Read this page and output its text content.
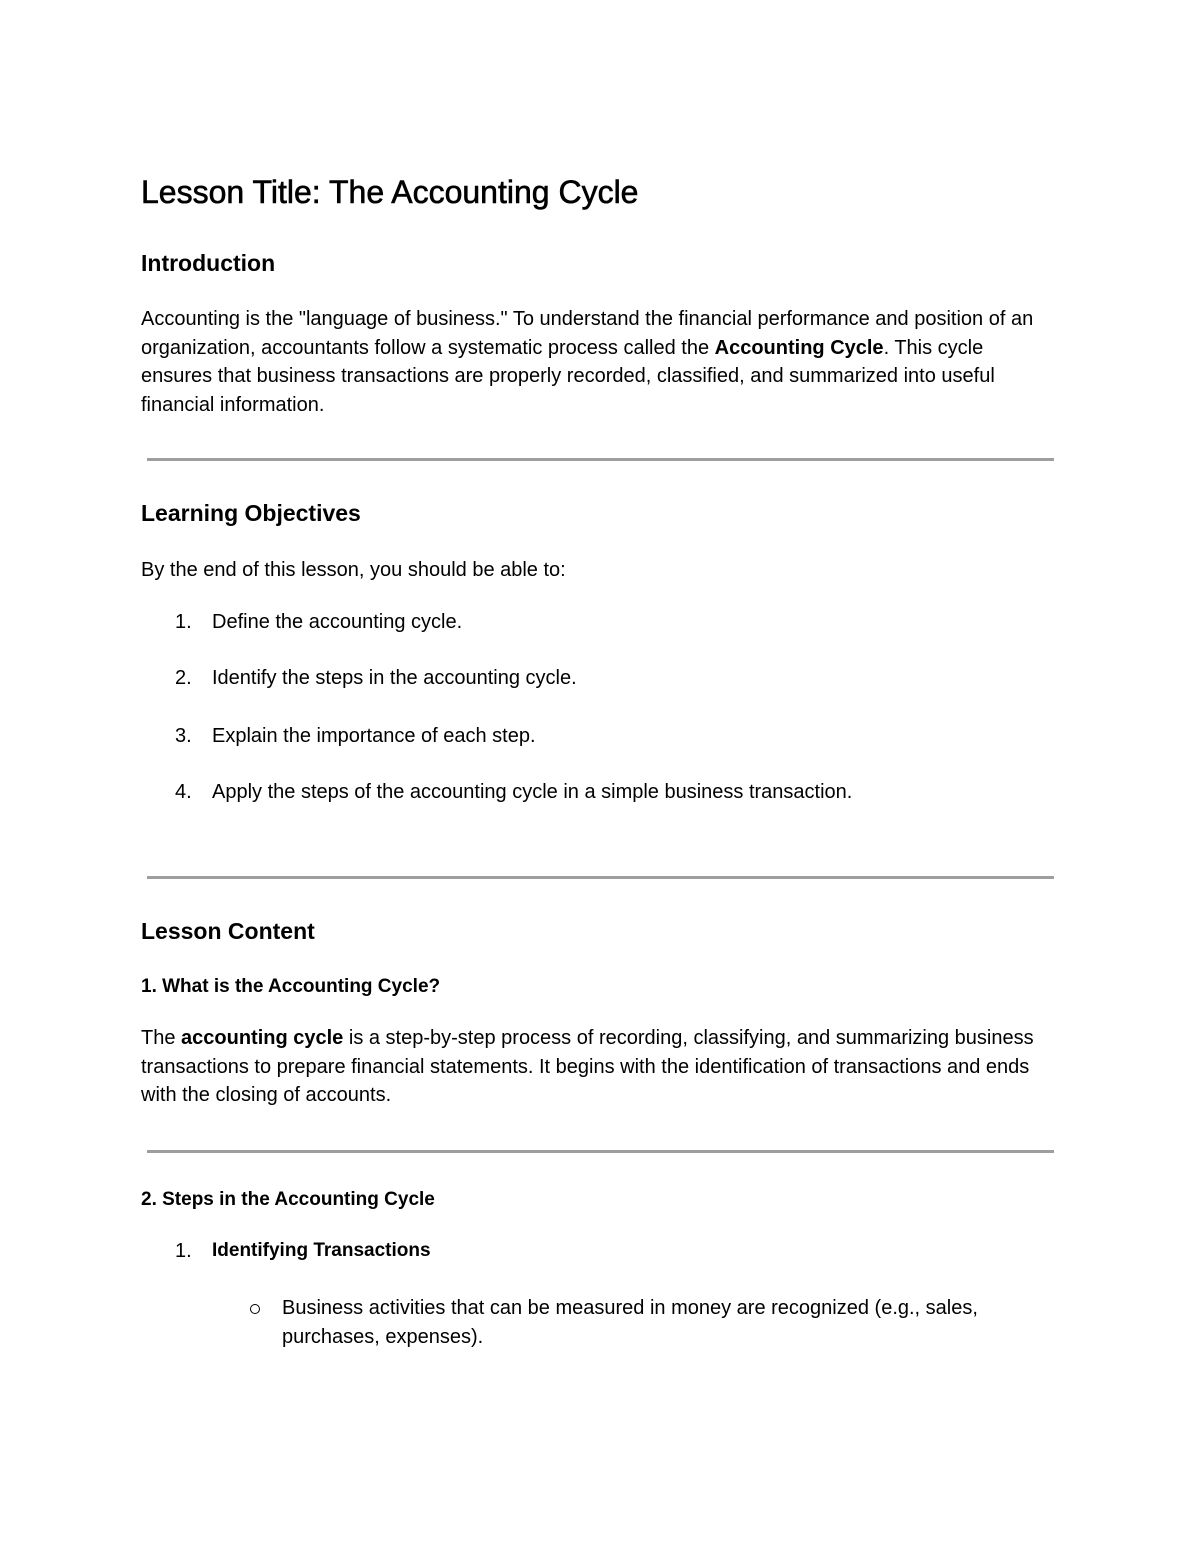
Lesson Title: The Accounting Cycle
Introduction

Accounting is the "language of business." To understand the financial performance and position of an organization, accountants follow a systematic process called the Accounting Cycle. This cycle ensures that business transactions are properly recorded, classified, and summarized into useful financial information.

Learning Objectives

By the end of this lesson, you should be able to:

1. Define the accounting cycle.
2. Identify the steps in the accounting cycle.
3. Explain the importance of each step.
4. Apply the steps of the accounting cycle in a simple business transaction.
Lesson Content
1. What is the Accounting Cycle?

The accounting cycle is a step-by-step process of recording, classifying, and summarizing business transactions to prepare financial statements. It begins with the identification of transactions and ends with the closing of accounts.

2. Steps in the Accounting Cycle
1. Identifying Transactions

Business activities that can be measured in money are recognized (e.g., sales, purchases, expenses).
